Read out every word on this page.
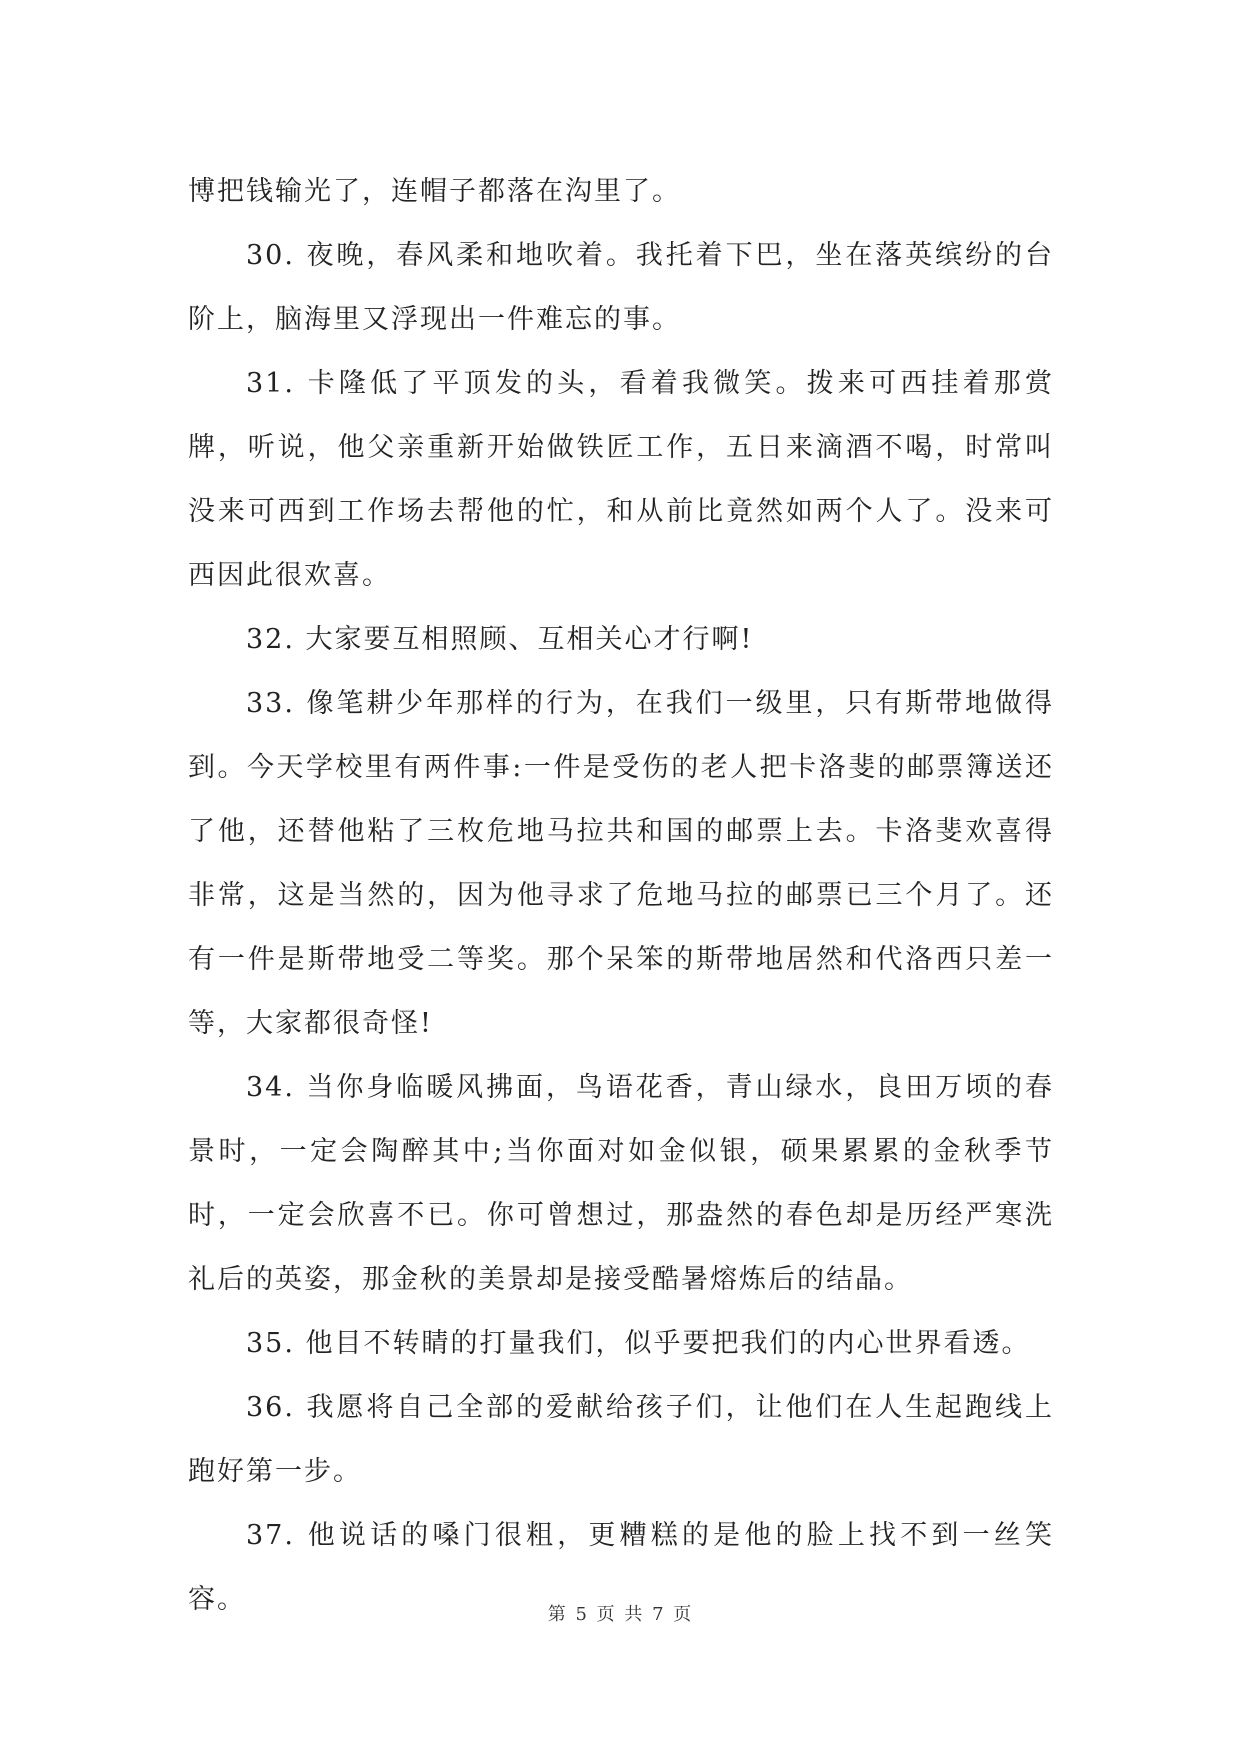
博把钱输光了，连帽子都落在沟里了。

30. 夜晚，春风柔和地吹着。我托着下巴，坐在落英缤纷的台阶上，脑海里又浮现出一件难忘的事。

31. 卡隆低了平顶发的头，看着我微笑。拨来可西挂着那赏牌，听说，他父亲重新开始做铁匠工作，五日来滴酒不喝，时常叫没来可西到工作场去帮他的忙，和从前比竟然如两个人了。没来可西因此很欢喜。

32. 大家要互相照顾、互相关心才行啊!

33. 像笔耕少年那样的行为，在我们一级里，只有斯带地做得到。今天学校里有两件事:一件是受伤的老人把卡洛斐的邮票簿送还了他，还替他粘了三枚危地马拉共和国的邮票上去。卡洛斐欢喜得非常，这是当然的，因为他寻求了危地马拉的邮票已三个月了。还有一件是斯带地受二等奖。那个呆笨的斯带地居然和代洛西只差一等，大家都很奇怪!

34. 当你身临暖风拂面，鸟语花香，青山绿水，良田万顷的春景时，一定会陶醉其中;当你面对如金似银，硕果累累的金秋季节时，一定会欣喜不已。你可曾想过，那盎然的春色却是历经严寒洗礼后的英姿，那金秋的美景却是接受酷暑熔炼后的结晶。

35. 他目不转睛的打量我们，似乎要把我们的内心世界看透。

36. 我愿将自己全部的爱献给孩子们，让他们在人生起跑线上跑好第一步。

37. 他说话的嗓门很粗，更糟糕的是他的脸上找不到一丝笑容。	第 5 页 共 7 页
